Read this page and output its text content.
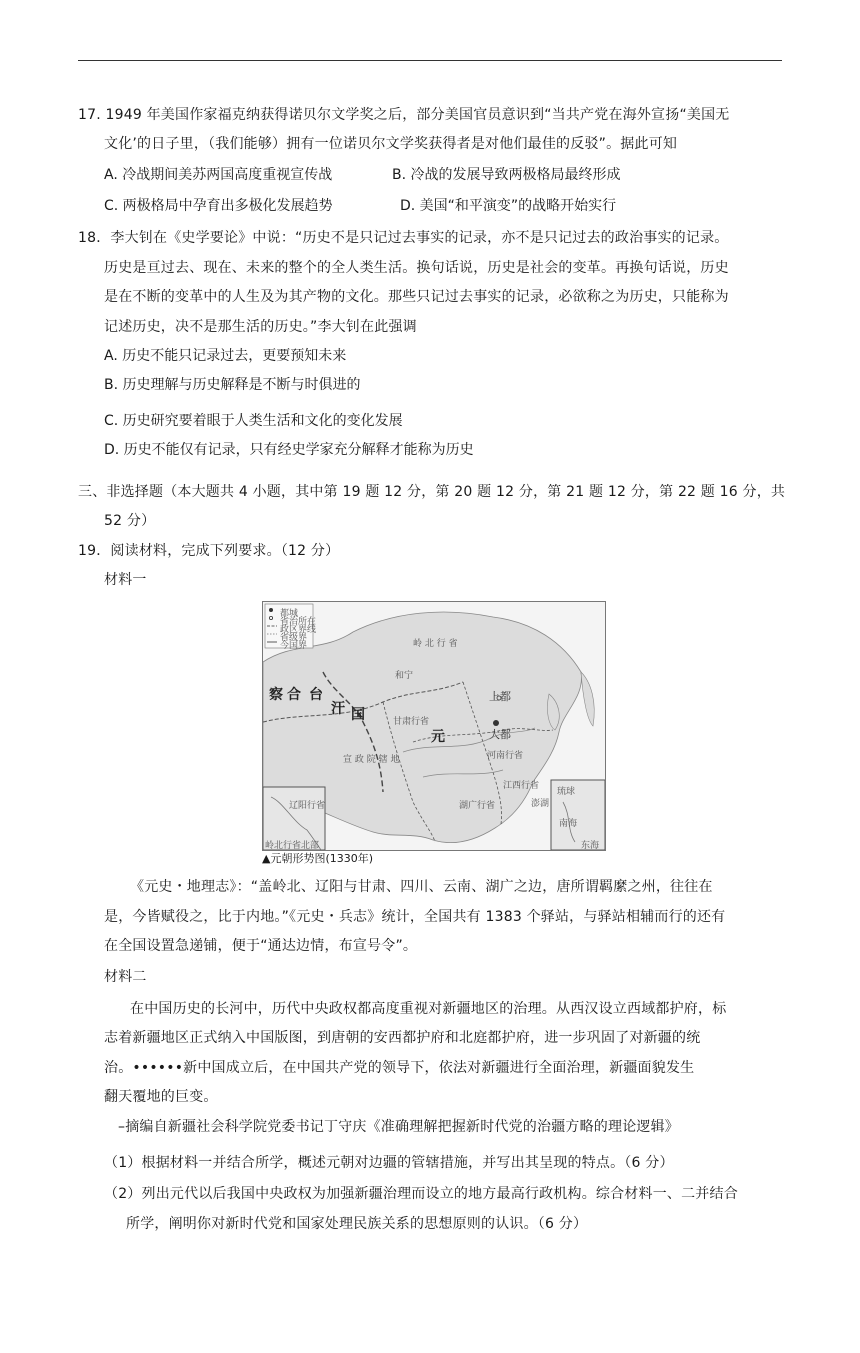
17. 1949 年美国作家福克纳获得诺贝尔文学奖之后，部分美国官员意识到“当共产党在海外宣扬“美国无
文化’的日子里，（我们能够）拥有一位诺贝尔文学奖获得者是对他们最佳的反驳”。据此可知
A. 冷战期间美苏两国高度重视宣传战	B. 冷战的发展导致两极格局最终形成
C. 两极格局中孕育出多极化发展趋势	D. 美国“和平演变”的战略开始实行
18．李大钊在《史学要论》中说：“历史不是只记过去事实的记录，亦不是只记过去的政治事实的记录。
历史是亘过去、现在、未来的整个的全人类生活。换句话说，历史是社会的变革。再换句话说，历史
是在不断的变革中的人生及为其产物的文化。那些只记过去事实的记录，必欲称之为历史，只能称为
记述历史，决不是那生活的历史。”李大钊在此强调
A. 历史不能只记录过去，更要预知未来
B. 历史理解与历史解释是不断与时俱进的
C. 历史研究要着眼于人类生活和文化的变化发展
D. 历史不能仅有记录，只有经史学家充分解释才能称为历史
三、非选择题（本大题共 4 小题，其中第 19 题 12 分，第 20 题 12 分，第 21 题 12 分，第 22 题 16 分，共
52 分）
19．阅读材料，完成下列要求。（12 分）
材料一
都城
省治所在
政区界线
省级界
今国界	岭 北 行 省
和宁
察 合 台
汗 国
上都
大都
元
甘肃行省
宣 政 院 辖 地	河南行省
江西行省
湖广行省
辽阳行省	澎湖
琉球
东海
南海
岭北行省北部
▲元朝形势图(1330年)
《元史・地理志》：“盖岭北、辽阳与甘肃、四川、云南、湖广之边，唐所谓羁縻之州，往往在
是，今皆赋役之，比于内地。”《元史・兵志》统计，全国共有 1383 个驿站，与驿站相辅而行的还有
在全国设置急递铺，便于“通达边情，布宣号令”。
材料二
在中国历史的长河中，历代中央政权都高度重视对新疆地区的治理。从西汉设立西域都护府，标
志着新疆地区正式纳入中国版图，到唐朝的安西都护府和北庭都护府，进一步巩固了对新疆的统
治。••••••新中国成立后，在中国共产党的领导下，依法对新疆进行全面治理，新疆面貌发生
翻天覆地的巨变。
–摘编自新疆社会科学院党委书记丁守庆《准确理解把握新时代党的治疆方略的理论逻辑》
（1）根据材料一并结合所学，概述元朝对边疆的管辖措施，并写出其呈现的特点。（6 分）
（2）列出元代以后我国中央政权为加强新疆治理而设立的地方最高行政机构。综合材料一、二并结合
所学，阐明你对新时代党和国家处理民族关系的思想原则的认识。（6 分）
